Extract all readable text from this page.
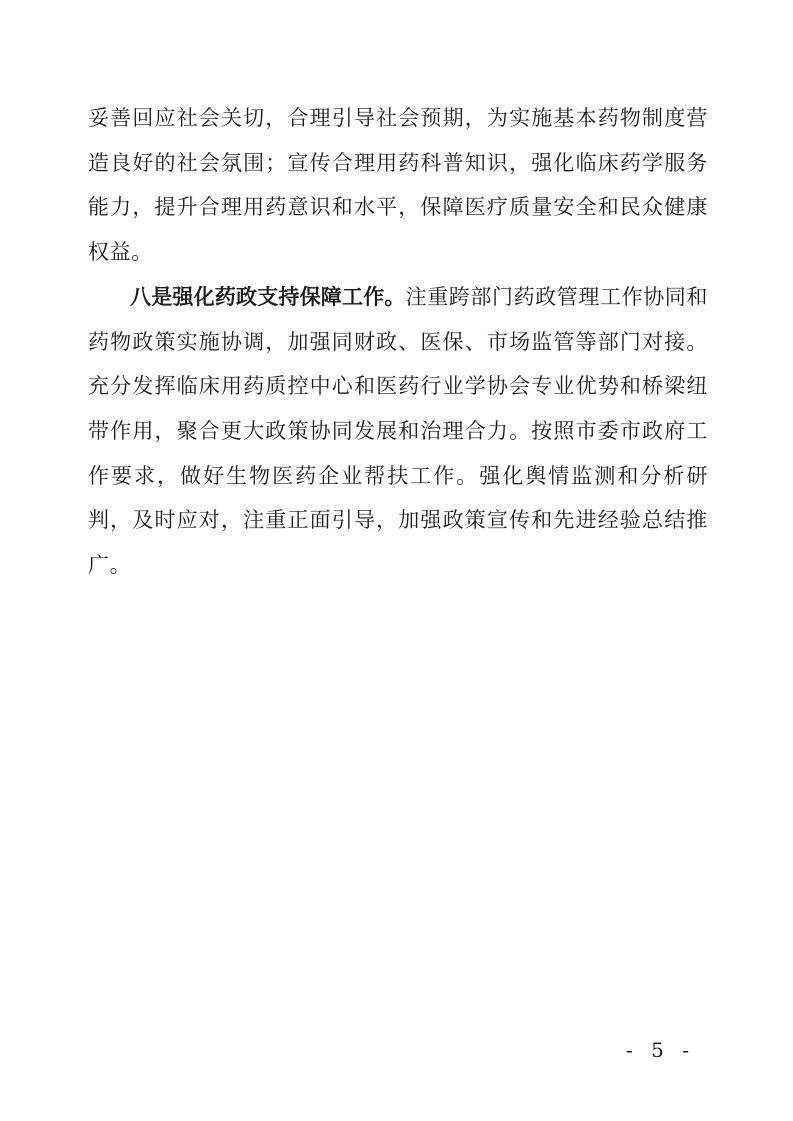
妥善回应社会关切，合理引导社会预期，为实施基本药物制度营造良好的社会氛围；宣传合理用药科普知识，强化临床药学服务能力，提升合理用药意识和水平，保障医疗质量安全和民众健康权益。

八是强化药政支持保障工作。注重跨部门药政管理工作协同和药物政策实施协调，加强同财政、医保、市场监管等部门对接。充分发挥临床用药质控中心和医药行业学协会专业优势和桥梁纽带作用，聚合更大政策协同发展和治理合力。按照市委市政府工作要求，做好生物医药企业帮扶工作。强化舆情监测和分析研判，及时应对，注重正面引导，加强政策宣传和先进经验总结推广。

- 5 -
